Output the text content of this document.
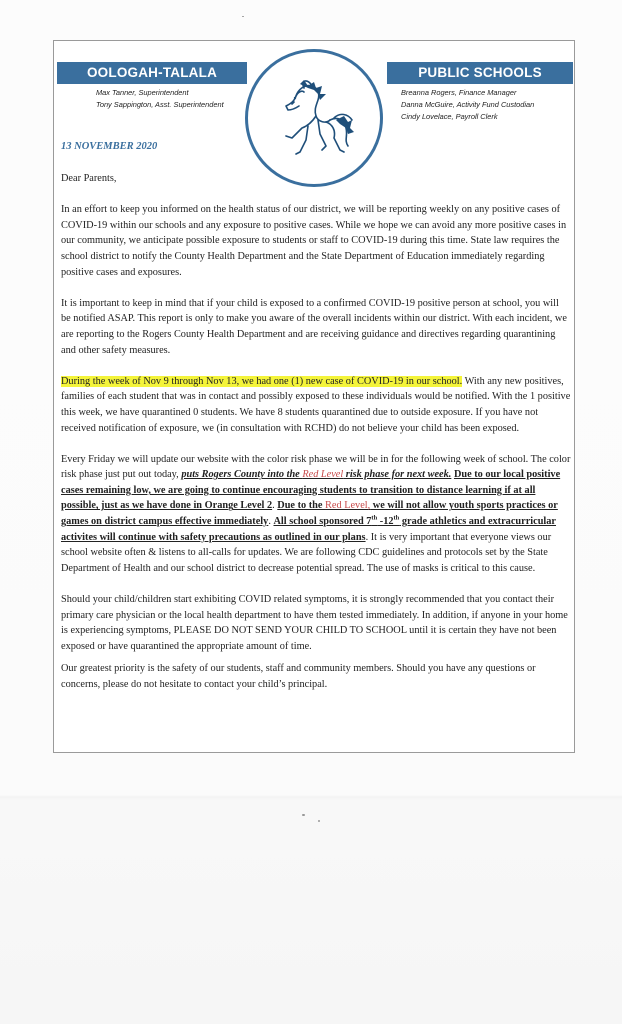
OOLOGAH-TALALA	PUBLIC SCHOOLS
Max Tanner, Superintendent
Tony Sappington, Asst. Superintendent
Breanna Rogers, Finance Manager
Danna McGuire, Activity Fund Custodian
Cindy Lovelace, Payroll Clerk
13 NOVEMBER 2020

Dear Parents,

In an effort to keep you informed on the health status of our district, we will be reporting weekly on any positive cases of COVID-19 within our schools and any exposure to positive cases. While we hope we can avoid any more positive cases in our community, we anticipate possible exposure to students or staff to COVID-19 during this time. State law requires the school district to notify the County Health Department and the State Department of Education immediately regarding positive cases and exposures.

It is important to keep in mind that if your child is exposed to a confirmed COVID-19 positive person at school, you will be notified ASAP. This report is only to make you aware of the overall incidents within our district. With each incident, we are reporting to the Rogers County Health Department and are receiving guidance and directives regarding quarantining and other safety measures.

During the week of Nov 9 through Nov 13, we had one (1) new case of COVID-19 in our school. With any new positives, families of each student that was in contact and possibly exposed to these individuals would be notified. With the 1 positive this week, we have quarantined 0 students. We have 8 students quarantined due to outside exposure. If you have not received notification of exposure, we (in consultation with RCHD) do not believe your child has been exposed.

Every Friday we will update our website with the color risk phase we will be in for the following week of school. The color risk phase just put out today, puts Rogers County into the Red Level risk phase for next week. Due to our local positive cases remaining low, we are going to continue encouraging students to transition to distance learning if at all possible, just as we have done in Orange Level 2. Due to the Red Level, we will not allow youth sports practices or games on district campus effective immediately. All school sponsored 7th -12th grade athletics and extracurricular activites will continue with safety precautions as outlined in our plans. It is very important that everyone views our school website often & listens to all-calls for updates. We are following CDC guidelines and protocols set by the State Department of Health and our school district to decrease potential spread. The use of masks is critical to this cause.

Should your child/children start exhibiting COVID related symptoms, it is strongly recommended that you contact their primary care physician or the local health department to have them tested immediately. In addition, if anyone in your home is experiencing symptoms, PLEASE DO NOT SEND YOUR CHILD TO SCHOOL until it is certain they have not been exposed or have quarantined the appropriate amount of time.

Our greatest priority is the safety of our students, staff and community members. Should you have any questions or concerns, please do not hesitate to contact your child’s principal.
